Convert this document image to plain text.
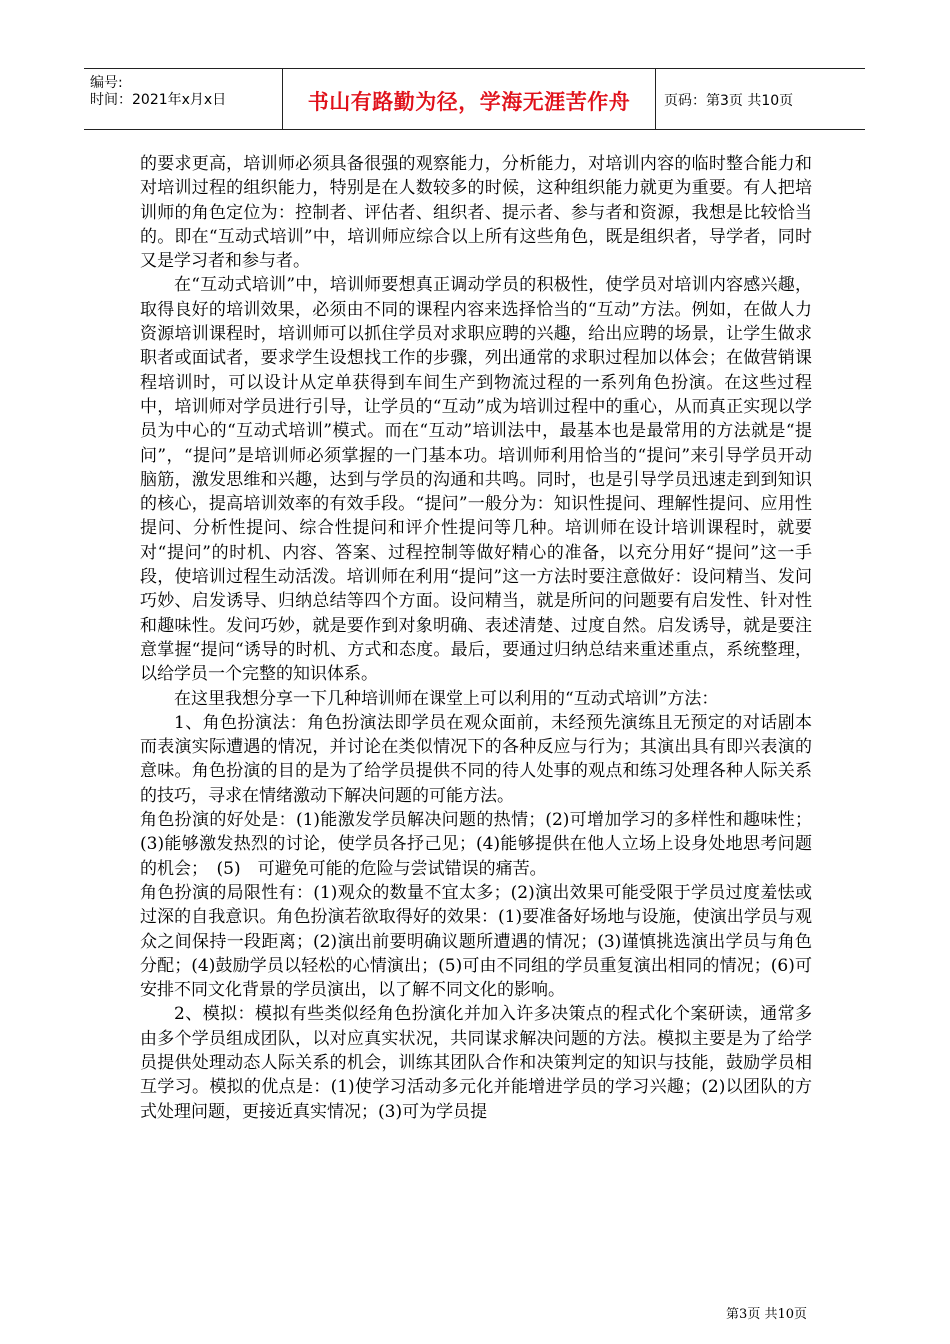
编号:
时间：2021年x月x日	书山有路勤为径，学海无涯苦作舟	页码：第3页 共10页

的要求更高，培训师必须具备很强的观察能力，分析能力，对培训内容的临时整合能力和对培训过程的组织能力，特别是在人数较多的时候，这种组织能力就更为重要。有人把培训师的角色定位为：控制者、评估者、组织者、提示者、参与者和资源，我想是比较恰当的。即在“互动式培训”中，培训师应综合以上所有这些角色，既是组织者，导学者，同时又是学习者和参与者。

在“互动式培训”中，培训师要想真正调动学员的积极性，使学员对培训内容感兴趣，取得良好的培训效果，必须由不同的课程内容来选择恰当的“互动”方法。例如，在做人力资源培训课程时，培训师可以抓住学员对求职应聘的兴趣，给出应聘的场景，让学生做求职者或面试者，要求学生设想找工作的步骤，列出通常的求职过程加以体会；在做营销课程培训时，可以设计从定单获得到车间生产到物流过程的一系列角色扮演。在这些过程中，培训师对学员进行引导，让学员的“互动”成为培训过程中的重心，从而真正实现以学员为中心的“互动式培训”模式。而在“互动”培训法中，最基本也是最常用的方法就是“提问”，“提问”是培训师必须掌握的一门基本功。培训师利用恰当的“提问”来引导学员开动脑筋，激发思维和兴趣，达到与学员的沟通和共鸣。同时，也是引导学员迅速走到到知识的核心，提高培训效率的有效手段。“提问”一般分为：知识性提问、理解性提问、应用性提问、分析性提问、综合性提问和评介性提问等几种。培训师在设计培训课程时，就要对“提问”的时机、内容、答案、过程控制等做好精心的准备，以充分用好“提问”这一手段，使培训过程生动活泼。培训师在利用“提问”这一方法时要注意做好：设问精当、发问巧妙、启发诱导、归纳总结等四个方面。设问精当，就是所问的问题要有启发性、针对性和趣味性。发问巧妙，就是要作到对象明确、表述清楚、过度自然。启发诱导，就是要注意掌握“提问“诱导的时机、方式和态度。最后，要通过归纳总结来重述重点，系统整理，以给学员一个完整的知识体系。

在这里我想分享一下几种培训师在课堂上可以利用的“互动式培训”方法：

1、角色扮演法：角色扮演法即学员在观众面前，未经预先演练且无预定的对话剧本而表演实际遭遇的情况，并讨论在类似情况下的各种反应与行为；其演出具有即兴表演的意味。角色扮演的目的是为了给学员提供不同的待人处事的观点和练习处理各种人际关系的技巧，寻求在情绪激动下解决问题的可能方法。

角色扮演的好处是：(1)能激发学员解决问题的热情；(2)可增加学习的多样性和趣味性；(3)能够激发热烈的讨论，使学员各抒己见；(4)能够提供在他人立场上设身处地思考问题的机会；　(5)　可避免可能的危险与尝试错误的痛苦。

角色扮演的局限性有：(1)观众的数量不宜太多；(2)演出效果可能受限于学员过度羞怯或过深的自我意识。角色扮演若欲取得好的效果：(1)要准备好场地与设施，使演出学员与观众之间保持一段距离；(2)演出前要明确议题所遭遇的情况；(3)谨慎挑选演出学员与角色分配；(4)鼓励学员以轻松的心情演出；(5)可由不同组的学员重复演出相同的情况；(6)可安排不同文化背景的学员演出，以了解不同文化的影响。

2、模拟：模拟有些类似经角色扮演化并加入许多决策点的程式化个案研读，通常多由多个学员组成团队，以对应真实状况，共同谋求解决问题的方法。模拟主要是为了给学员提供处理动态人际关系的机会，训练其团队合作和决策判定的知识与技能，鼓励学员相互学习。模拟的优点是：(1)使学习活动多元化并能增进学员的学习兴趣；(2)以团队的方式处理问题，更接近真实情况；(3)可为学员提

第3页 共10页
